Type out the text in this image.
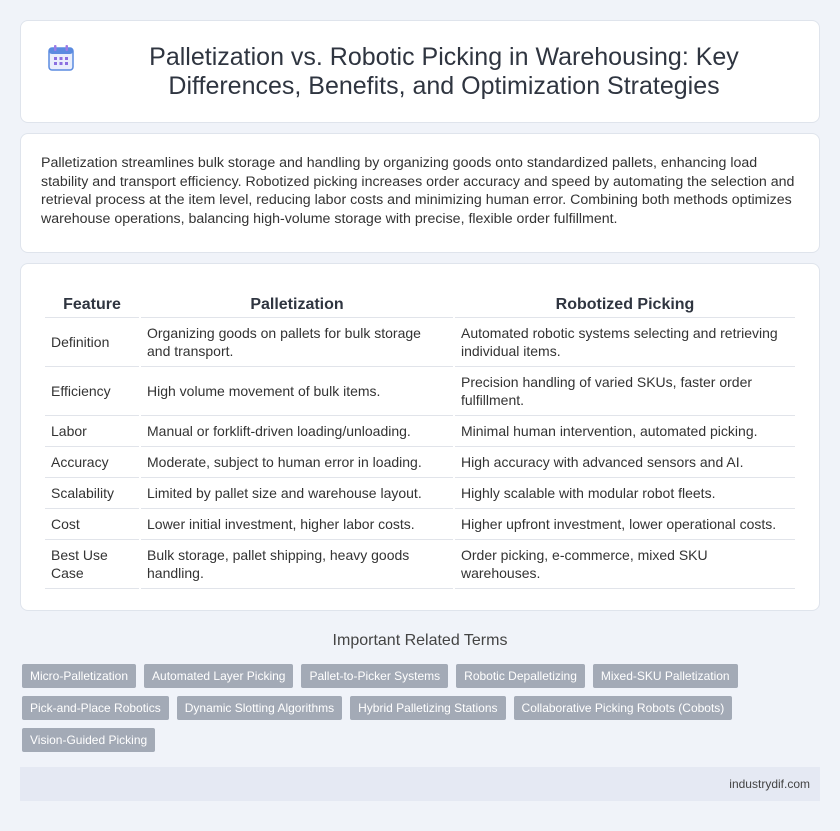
Palletization vs. Robotic Picking in Warehousing: Key Differences, Benefits, and Optimization Strategies

Palletization streamlines bulk storage and handling by organizing goods onto standardized pallets, enhancing load stability and transport efficiency. Robotized picking increases order accuracy and speed by automating the selection and retrieval process at the item level, reducing labor costs and minimizing human error. Combining both methods optimizes warehouse operations, balancing high-volume storage with precise, flexible order fulfillment.

Feature	Palletization	Robotized Picking
Definition	Organizing goods on pallets for bulk storage and transport.	Automated robotic systems selecting and retrieving individual items.
Efficiency	High volume movement of bulk items.	Precision handling of varied SKUs, faster order fulfillment.
Labor	Manual or forklift-driven loading/unloading.	Minimal human intervention, automated picking.
Accuracy	Moderate, subject to human error in loading.	High accuracy with advanced sensors and AI.
Scalability	Limited by pallet size and warehouse layout.	Highly scalable with modular robot fleets.
Cost	Lower initial investment, higher labor costs.	Higher upfront investment, lower operational costs.
Best Use Case	Bulk storage, pallet shipping, heavy goods handling.	Order picking, e-commerce, mixed SKU warehouses.
Important Related Terms
Micro-Palletization	Automated Layer Picking	Pallet-to-Picker Systems	Robotic Depalletizing	Mixed-SKU Palletization
Pick-and-Place Robotics	Dynamic Slotting Algorithms	Hybrid Palletizing Stations	Collaborative Picking Robots (Cobots)
Vision-Guided Picking
industrydif.com
